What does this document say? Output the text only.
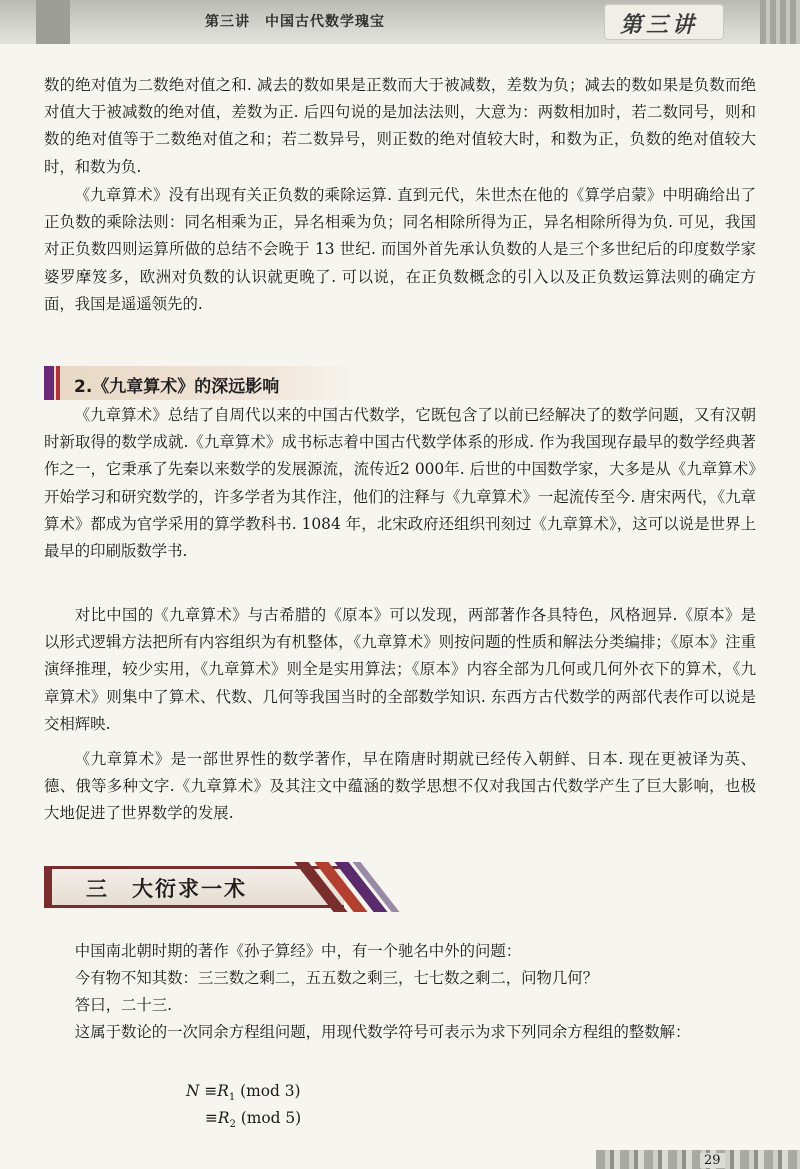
第三讲　中国古代数学瑰宝	第三讲

数的绝对值为二数绝对值之和. 减去的数如果是正数而大于被减数，差数为负；减去的数如果是负数而绝对值大于被减数的绝对值，差数为正. 后四句说的是加法法则，大意为：两数相加时，若二数同号，则和数的绝对值等于二数绝对值之和；若二数异号，则正数的绝对值较大时，和数为正，负数的绝对值较大时，和数为负.

《九章算术》没有出现有关正负数的乘除运算. 直到元代，朱世杰在他的《算学启蒙》中明确给出了正负数的乘除法则：同名相乘为正，异名相乘为负；同名相除所得为正，异名相除所得为负. 可见，我国对正负数四则运算所做的总结不会晚于 13 世纪. 而国外首先承认负数的人是三个多世纪后的印度数学家婆罗摩笈多，欧洲对负数的认识就更晚了. 可以说，在正负数概念的引入以及正负数运算法则的确定方面，我国是遥遥领先的.

2.《九章算术》的深远影响

《九章算术》总结了自周代以来的中国古代数学，它既包含了以前已经解决了的数学问题，又有汉朝时新取得的数学成就.《九章算术》成书标志着中国古代数学体系的形成. 作为我国现存最早的数学经典著作之一，它秉承了先秦以来数学的发展源流，流传近2 000年. 后世的中国数学家，大多是从《九章算术》开始学习和研究数学的，许多学者为其作注，他们的注释与《九章算术》一起流传至今. 唐宋两代，《九章算术》都成为官学采用的算学教科书. 1084 年，北宋政府还组织刊刻过《九章算术》，这可以说是世界上最早的印刷版数学书.

对比中国的《九章算术》与古希腊的《原本》可以发现，两部著作各具特色，风格迥异.《原本》是以形式逻辑方法把所有内容组织为有机整体，《九章算术》则按问题的性质和解法分类编排；《原本》注重演绎推理，较少实用，《九章算术》则全是实用算法；《原本》内容全部为几何或几何外衣下的算术，《九章算术》则集中了算术、代数、几何等我国当时的全部数学知识. 东西方古代数学的两部代表作可以说是交相辉映.

《九章算术》是一部世界性的数学著作，早在隋唐时期就已经传入朝鲜、日本. 现在更被译为英、德、俄等多种文字.《九章算术》及其注文中蕴涵的数学思想不仅对我国古代数学产生了巨大影响，也极大地促进了世界数学的发展.

三　大衍求一术

中国南北朝时期的著作《孙子算经》中，有一个驰名中外的问题：

今有物不知其数：三三数之剩二，五五数之剩三，七七数之剩二，问物几何？

答曰，二十三.

这属于数论的一次同余方程组问题，用现代数学符号可表示为求下列同余方程组的整数解：

$N \equiv R_1$ (mod 3)
$\equiv R_2$ (mod 5)
29
